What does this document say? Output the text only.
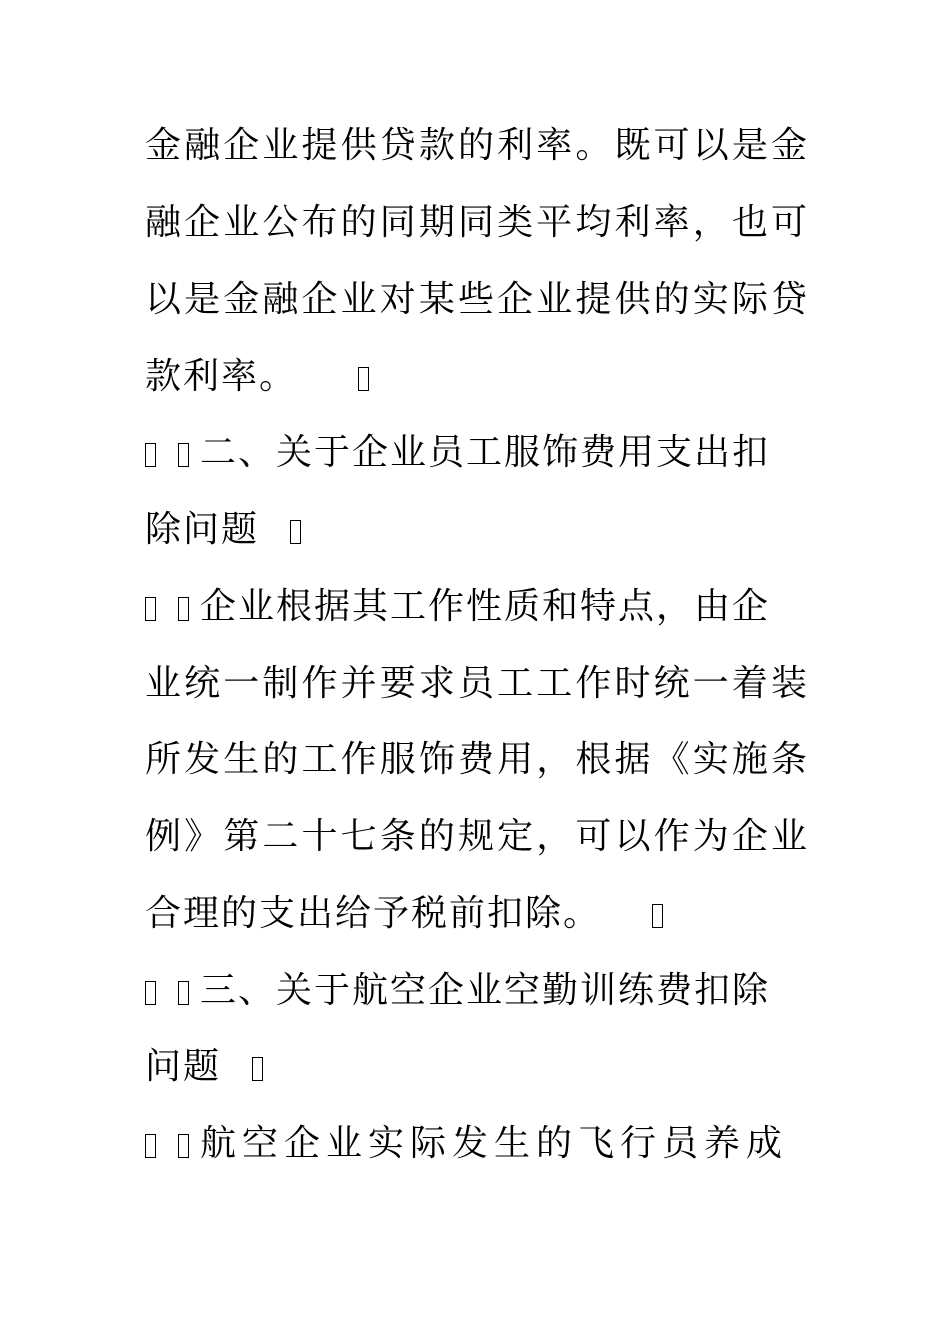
金融企业提供贷款的利率。既可以是金
融企业公布的同期同类平均利率，也可
以是金融企业对某些企业提供的实际贷
款利率。
二、关于企业员工服饰费用支出扣
除问题
企业根据其工作性质和特点，由企
业统一制作并要求员工工作时统一着装
所发生的工作服饰费用，根据《实施条
例》第二十七条的规定，可以作为企业
合理的支出给予税前扣除。
三、关于航空企业空勤训练费扣除
问题
航空企业实际发生的飞行员养成
